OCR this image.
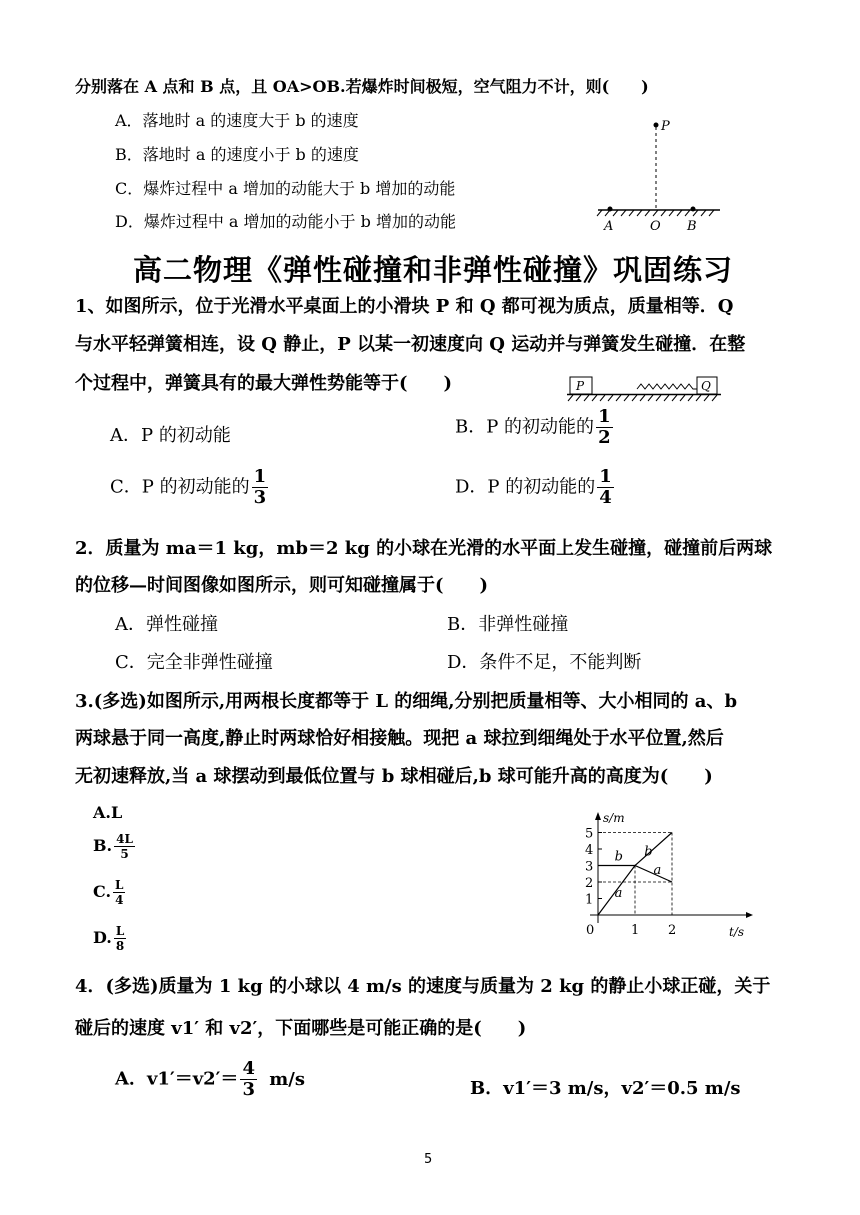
分别落在 A 点和 B 点，且 OA>OB.若爆炸时间极短，空气阻力不计，则(　　)
A．落地时 a 的速度大于 b 的速度
B．落地时 a 的速度小于 b 的速度
C．爆炸过程中 a 增加的动能大于 b 增加的动能
D．爆炸过程中 a 增加的动能小于 b 增加的动能
P
A	O B
高二物理《弹性碰撞和非弹性碰撞》巩固练习
1、如图所示，位于光滑水平桌面上的小滑块 P 和 Q 都可视为质点，质量相等．Q
与水平轻弹簧相连，设 Q 静止，P 以某一初速度向 Q 运动并与弹簧发生碰撞．在整
个过程中，弹簧具有的最大弹性势能等于(　　)	P	Q
A．P 的初动能	B．P 的初动能的 $\frac{1}{2}$
C．P 的初动能的 $\frac{1}{3}$	D．P 的初动能的 $\frac{1}{4}$
2．质量为 ma＝1 kg，mb＝2 kg 的小球在光滑的水平面上发生碰撞，碰撞前后两球
的位移—时间图像如图所示，则可知碰撞属于(　　)
A．弹性碰撞	B．非弹性碰撞
C．完全非弹性碰撞	D．条件不足，不能判断
3.(多选)如图所示,用两根长度都等于 L 的细绳,分别把质量相等、大小相同的 a、b
两球悬于同一高度,静止时两球恰好相接触。现把 a 球拉到细绳处于水平位置,然后
无初速释放,当 a 球摆动到最低位置与 b 球相碰后,b 球可能升高的高度为(　　)
A.L
B. $\frac{4L}{5}$
C. $\frac{L}{4}$
D. $\frac{L}{8}$
s/m
t/s
5
4
3
2
1
0	1 2
b b
a
a
4．(多选)质量为 1 kg 的小球以 4 m/s 的速度与质量为 2 kg 的静止小球正碰，关于
碰后的速度 v1′ 和 v2′，下面哪些是可能正确的是(　　)
A．$v1'=v2'= \frac{4}{3} m/s$	B．v1′＝3 m/s，v2′＝0.5 m/s
5
